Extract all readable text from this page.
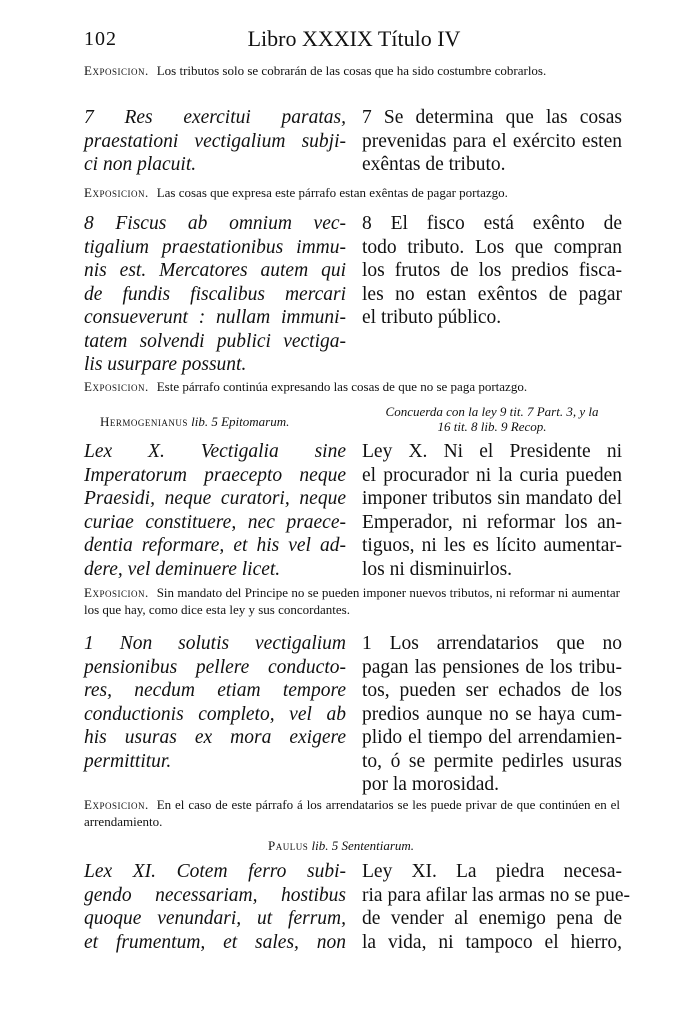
102	Libro XXXIX Título IV
Exposicion. Los tributos solo se cobrarán de las cosas que ha sido costumbre cobrarlos.
7 Res exercitui paratas,
praestationi vectigalium subji-
ci non placuit.
7 Se determina que las cosas
prevenidas para el exército esten
exêntas de tributo.
Exposicion. Las cosas que expresa este párrafo estan exêntas de pagar portazgo.
8 Fiscus ab omnium vec-
tigalium praestationibus immu-
nis est. Mercatores autem qui
de fundis fiscalibus mercari
consueverunt : nullam immuni-
tatem solvendi publici vectiga-
lis usurpare possunt.
8 El fisco está exênto de
todo tributo. Los que compran
los frutos de los predios fisca-
les no estan exêntos de pagar
el tributo público.
Exposicion. Este párrafo continúa expresando las cosas de que no se paga portazgo.
Hermogenianus lib. 5 Epitomarum.
Concuerda con la ley 9 tit. 7 Part. 3, y la
16 tit. 8 lib. 9 Recop.
Lex X. Vectigalia sine
Imperatorum praecepto neque
Praesidi, neque curatori, neque
curiae constituere, nec praece-
dentia reformare, et his vel ad-
dere, vel deminuere licet.
Ley X. Ni el Presidente ni
el procurador ni la curia pueden
imponer tributos sin mandato del
Emperador, ni reformar los an-
tiguos, ni les es lícito aumentar-
los ni disminuirlos.
Exposicion. Sin mandato del Principe no se pueden imponer nuevos tributos, ni reformar ni aumentar los que hay, como dice esta ley y sus concordantes.
1 Non solutis vectigalium
pensionibus pellere conducto-
res, necdum etiam tempore
conductionis completo, vel ab
his usuras ex mora exigere
permittitur.
1 Los arrendatarios que no
pagan las pensiones de los tribu-
tos, pueden ser echados de los
predios aunque no se haya cum-
plido el tiempo del arrendamien-
to, ó se permite pedirles usuras
por la morosidad.
Exposicion. En el caso de este párrafo á los arrendatarios se les puede privar de que continúen en el arrendamiento.
Paulus lib. 5 Sententiarum.
Lex XI. Cotem ferro subi-
gendo necessariam, hostibus
quoque venundari, ut ferrum,
et frumentum, et sales, non
Ley XI. La piedra necesa-
ria para afilar las armas no se pue-
de vender al enemigo pena de
la vida, ni tampoco el hierro,
